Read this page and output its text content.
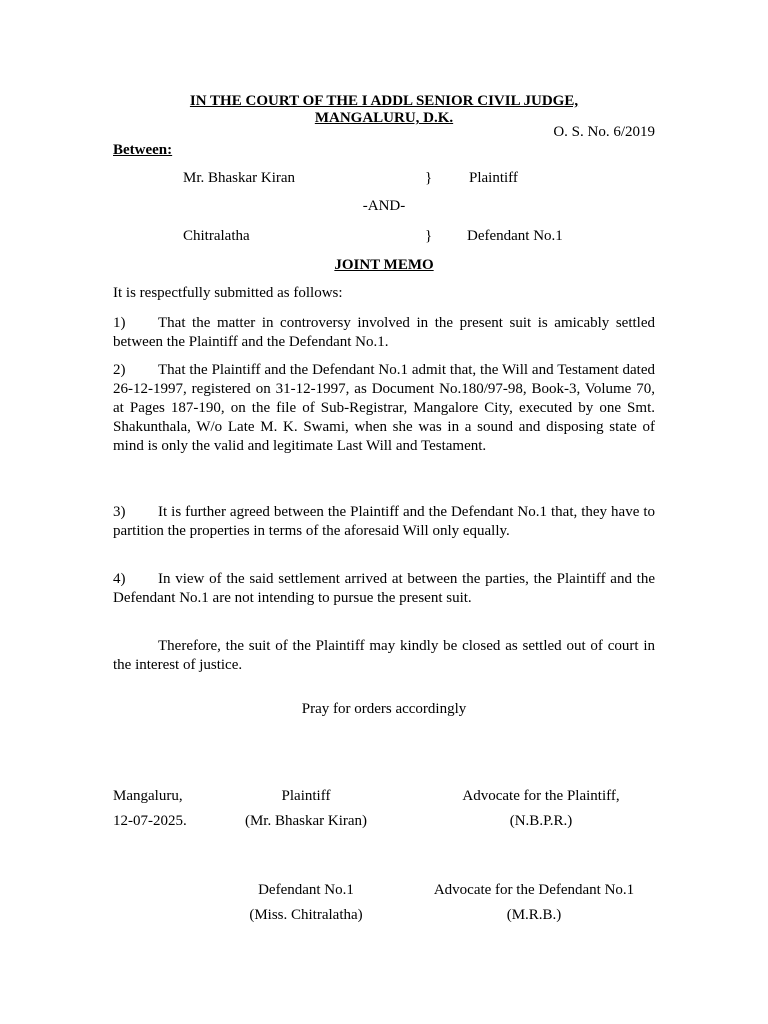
IN THE COURT OF THE I ADDL SENIOR CIVIL JUDGE,
MANGALURU, D.K.
O. S. No. 6/2019
Between:
Mr. Bhaskar Kiran	} Plaintiff
-AND-
Chitralatha	} Defendant No.1
JOINT MEMO
It is respectfully submitted as follows:
1) That the matter in controversy involved in the present suit is amicably settled between the Plaintiff and the Defendant No.1.
2) That the Plaintiff and the Defendant No.1 admit that, the Will and Testament dated 26-12-1997, registered on 31-12-1997, as Document No.180/97-98, Book-3, Volume 70, at Pages 187-190, on the file of Sub-Registrar, Mangalore City, executed by one Smt. Shakunthala, W/o Late M. K. Swami, when she was in a sound and disposing state of mind is only the valid and legitimate Last Will and Testament.
3) It is further agreed between the Plaintiff and the Defendant No.1 that, they have to partition the properties in terms of the aforesaid Will only equally.
4) In view of the said settlement arrived at between the parties, the Plaintiff and the Defendant No.1 are not intending to pursue the present suit.
Therefore, the suit of the Plaintiff may kindly be closed as settled out of court in the interest of justice.
Pray for orders accordingly
Mangaluru,
12-07-2025.
Plaintiff
(Mr. Bhaskar Kiran)
Advocate for the Plaintiff,
(N.B.P.R.)
Defendant No.1
(Miss. Chitralatha)
Advocate for the Defendant No.1
(M.R.B.)
